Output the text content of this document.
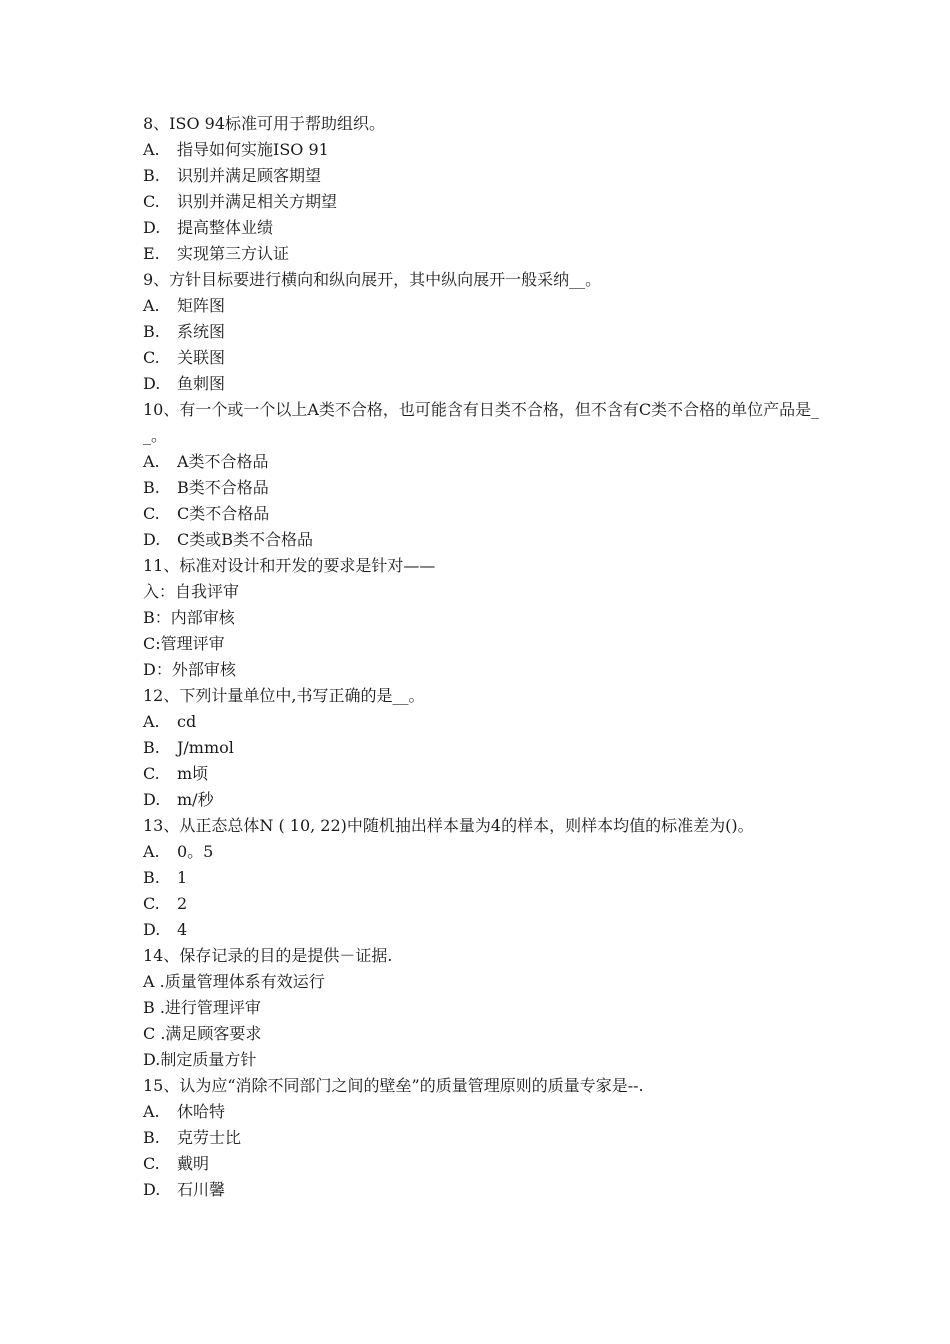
8、ISO 94标准可用于帮助组织。
A. 指导如何实施ISO 91
B. 识别并满足顾客期望
C. 识别并满足相关方期望
D. 提高整体业绩
E. 实现第三方认证
9、方针目标要进行横向和纵向展开，其中纵向展开一般采纳__。
A. 矩阵图
B. 系统图
C. 关联图
D. 鱼刺图
10、有一个或一个以上A类不合格，也可能含有日类不合格，但不含有C类不合格的单位产品是__。
A. A类不合格品
B. B类不合格品
C. C类不合格品
D. C类或B类不合格品
11、标准对设计和开发的要求是针对——
入：自我评审
B：内部审核
C:管理评审
D：外部审核
12、下列计量单位中,书写正确的是__。
A. cd
B. J/mmol
C. m顷
D. m/秒
13、从正态总体N ( 10, 22)中随机抽出样本量为4的样本，则样本均值的标准差为()。
A. 0。5
B. 1
C. 2
D. 4
14、保存记录的目的是提供－证据.
A .质量管理体系有效运行
B .进行管理评审
C .满足顾客要求
D.制定质量方针
15、认为应“消除不同部门之间的壁垒”的质量管理原则的质量专家是--.
A. 休哈特
B. 克劳士比
C. 戴明
D. 石川馨
